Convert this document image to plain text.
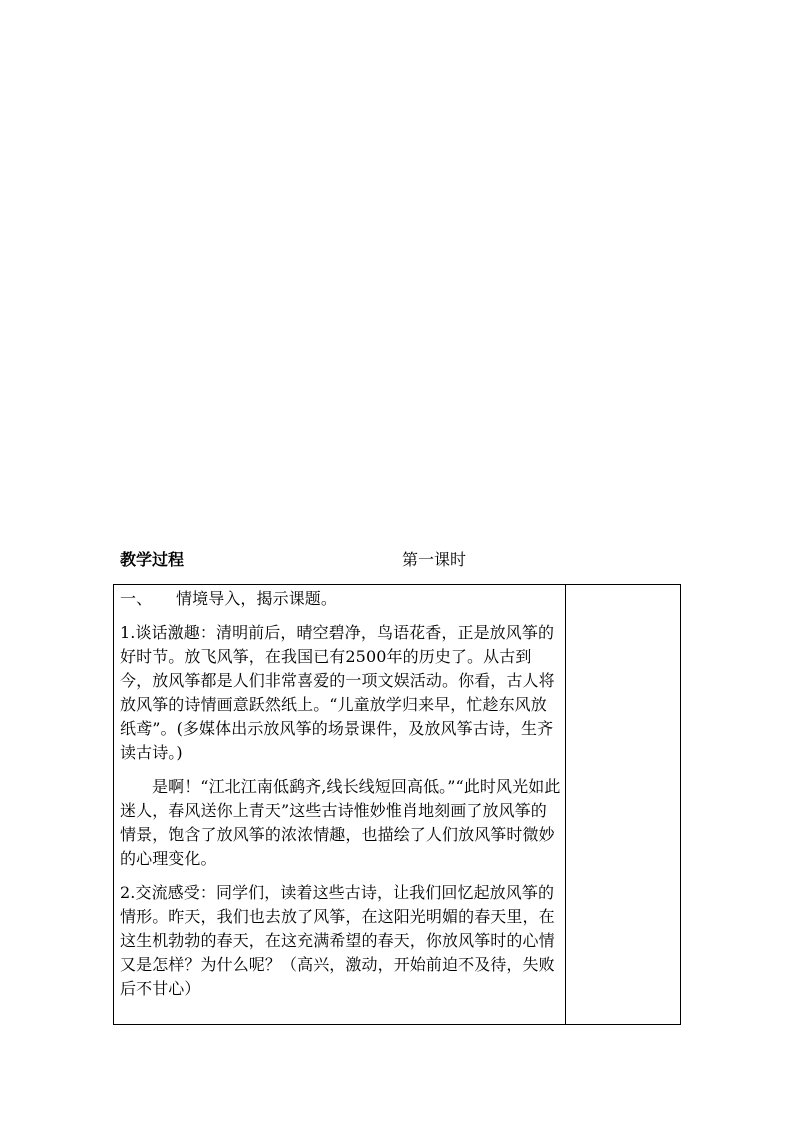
教学过程	第一课时

一、 情境导入，揭示课题。

1.谈话激趣：清明前后，晴空碧净，鸟语花香，正是放风筝的好时节。放飞风筝，在我国已有2500年的历史了。从古到今，放风筝都是人们非常喜爱的一项文娱活动。你看，古人将放风筝的诗情画意跃然纸上。“儿童放学归来早，忙趁东风放纸鸢”。(多媒体出示放风筝的场景课件，及放风筝古诗，生齐读古诗。)

是啊！“江北江南低鹞齐,线长线短回高低。”“此时风光如此迷人，春风送你上青天”这些古诗惟妙惟肖地刻画了放风筝的情景，饱含了放风筝的浓浓情趣，也描绘了人们放风筝时微妙的心理变化。

2.交流感受：同学们，读着这些古诗，让我们回忆起放风筝的情形。昨天，我们也去放了风筝，在这阳光明媚的春天里，在这生机勃勃的春天，在这充满希望的春天，你放风筝时的心情又是怎样？为什么呢？（高兴，激动，开始前迫不及待，失败后不甘心）
